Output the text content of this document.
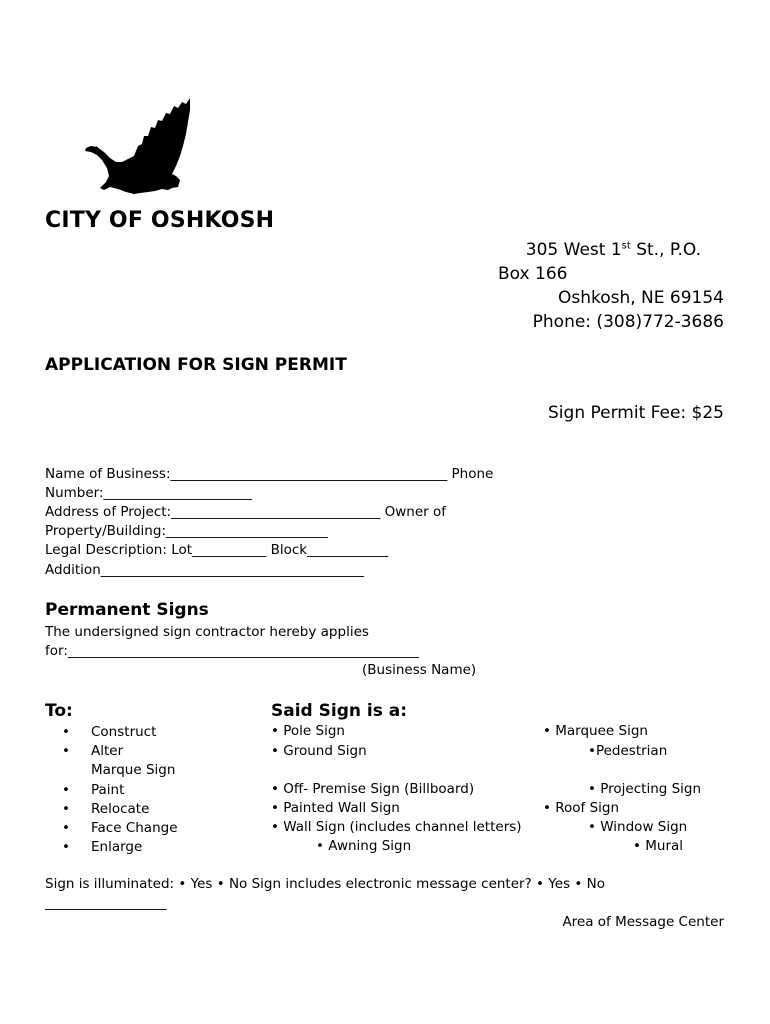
CITY OF OSHKOSH
305 West 1st St., P.O.
Box 166
Oshkosh, NE 69154
Phone: (308)772-3686
APPLICATION FOR SIGN PERMIT
Sign Permit Fee: $25
Name of Business:_________________________________________ Phone
Number:______________________
Address of Project:_______________________________ Owner of
Property/Building:________________________
Legal Description: Lot___________ Block____________
Addition_______________________________________
Permanent Signs
The undersigned sign contractor hereby applies
for:____________________________________________________
(Business Name)
To:
• Construct
• Alter
Marque Sign
• Paint
• Relocate
• Face Change
• Enlarge
Said Sign is a:
• Pole Sign
• Ground Sign
• Off- Premise Sign (Billboard)
• Painted Wall Sign
• Wall Sign (includes channel letters)
• Awning Sign
• Marquee Sign
•Pedestrian
• Projecting Sign
• Roof Sign
• Window Sign
• Mural
Sign is illuminated: • Yes • No Sign includes electronic message center? • Yes • No
__________________
Area of Message Center
